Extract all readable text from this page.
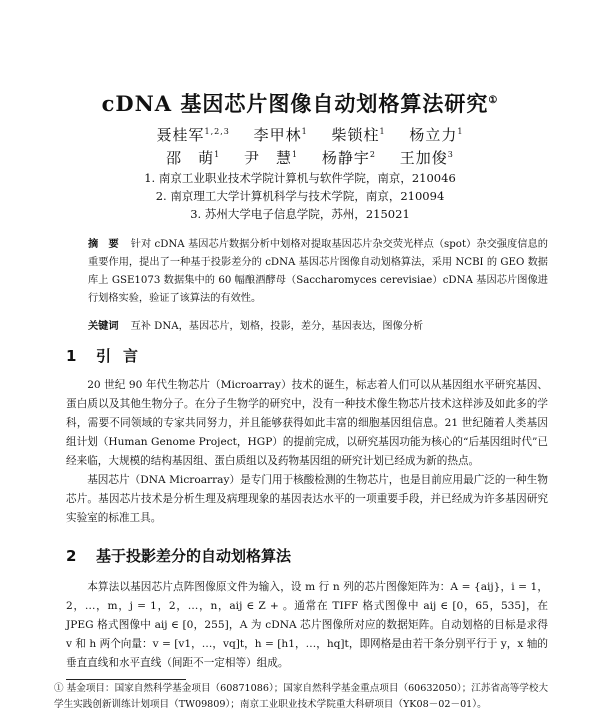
cDNA 基因芯片图像自动划格算法研究①
聂桂军$^{1,2,3}$ 李甲林$^1$ 柴锁柱$^1$ 杨立力$^1$
邵　萌$^1$ 尹　慧$^1$ 杨静宇$^2$ 王加俊$^3$
1. 南京工业职业技术学院计算机与软件学院，南京，210046
2. 南京理工大学计算机科学与技术学院，南京，210094
3. 苏州大学电子信息学院，苏州，215021
摘　要 针对 cDNA 基因芯片数据分析中划格对提取基因芯片杂交荧光样点（spot）杂交强度信息的重要作用，提出了一种基于投影差分的 cDNA 基因芯片图像自动划格算法，采用 NCBI 的 GEO 数据库上 GSE1073 数据集中的 60 幅酿酒酵母（Saccharomyces cerevisiae）cDNA 基因芯片图像进行划格实验，验证了该算法的有效性。
关键词 互补 DNA，基因芯片，划格，投影，差分，基因表达，图像分析
1 引言

20 世纪 90 年代生物芯片（Microarray）技术的诞生，标志着人们可以从基因组水平研究基因、蛋白质以及其他生物分子。在分子生物学的研究中，没有一种技术像生物芯片技术这样涉及如此多的学科，需要不同领域的专家共同努力，并且能够获得如此丰富的细胞基因组信息。21 世纪随着人类基因组计划（Human Genome Project，HGP）的提前完成，以研究基因功能为核心的“后基因组时代”已经来临，大规模的结构基因组、蛋白质组以及药物基因组的研究计划已经成为新的热点。

基因芯片（DNA Microarray）是专门用于核酸检测的生物芯片，也是目前应用最广泛的一种生物芯片。基因芯片技术是分析生理及病理现象的基因表达水平的一项重要手段，并已经成为许多基因研究实验室的标准工具。

2 基于投影差分的自动划格算法

本算法以基因芯片点阵图像原文件为输入，设 m 行 n 列的芯片图像矩阵为：A = {aij}，i = 1，2，…，m，j = 1，2，…，n，aij ∈ Z + 。通常在 TIFF 格式图像中 aij ∈ [0，65，535]，在 JPEG 格式图像中 aij ∈ [0，255]，A 为 cDNA 芯片图像所对应的数据矩阵。自动划格的目标是求得 v 和 h 两个向量：v = [v1，…，vq]t，h = [h1，…，hq]t，即网格是由若干条分别平行于 y，x 轴的垂直直线和水平直线（间距不一定相等）组成。

① 基金项目：国家自然科学基金项目（60871086）；国家自然科学基金重点项目（60632050）；江苏省高等学校大学生实践创新训练计划项目（TW09809）；南京工业职业技术学院重大科研项目（YK08－02－01）。
